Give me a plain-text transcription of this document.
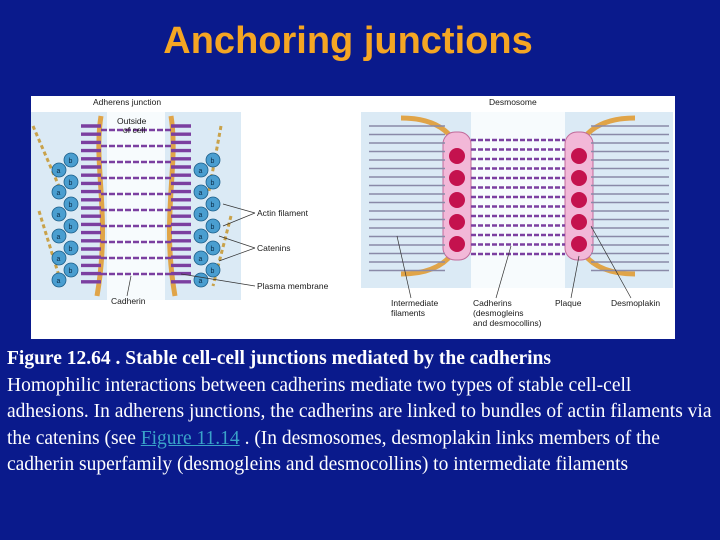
Anchoring junctions
a
b
a
b
a
b
a
b
a
b
a
b
a
b
a
b
a
b
a
b
a
b
a
b
Adherens junction
Outside of cell
Actin filament
Catenins
Plasma membrane
Cadherin
Desmosome
Intermediate filaments
Cadherins (desmogleins and desmocollins)
Plaque	Desmoplakin
Figure 12.64 . Stable cell-cell junctions mediated by the cadherins
Homophilic interactions between cadherins mediate two types of stable cell-cell adhesions. In adherens junctions, the cadherins are linked to bundles of actin filaments via the catenins (see Figure 11.14 . (In desmosomes, desmoplakin links members of the cadherin superfamily (desmogleins and desmocollins) to intermediate filaments
